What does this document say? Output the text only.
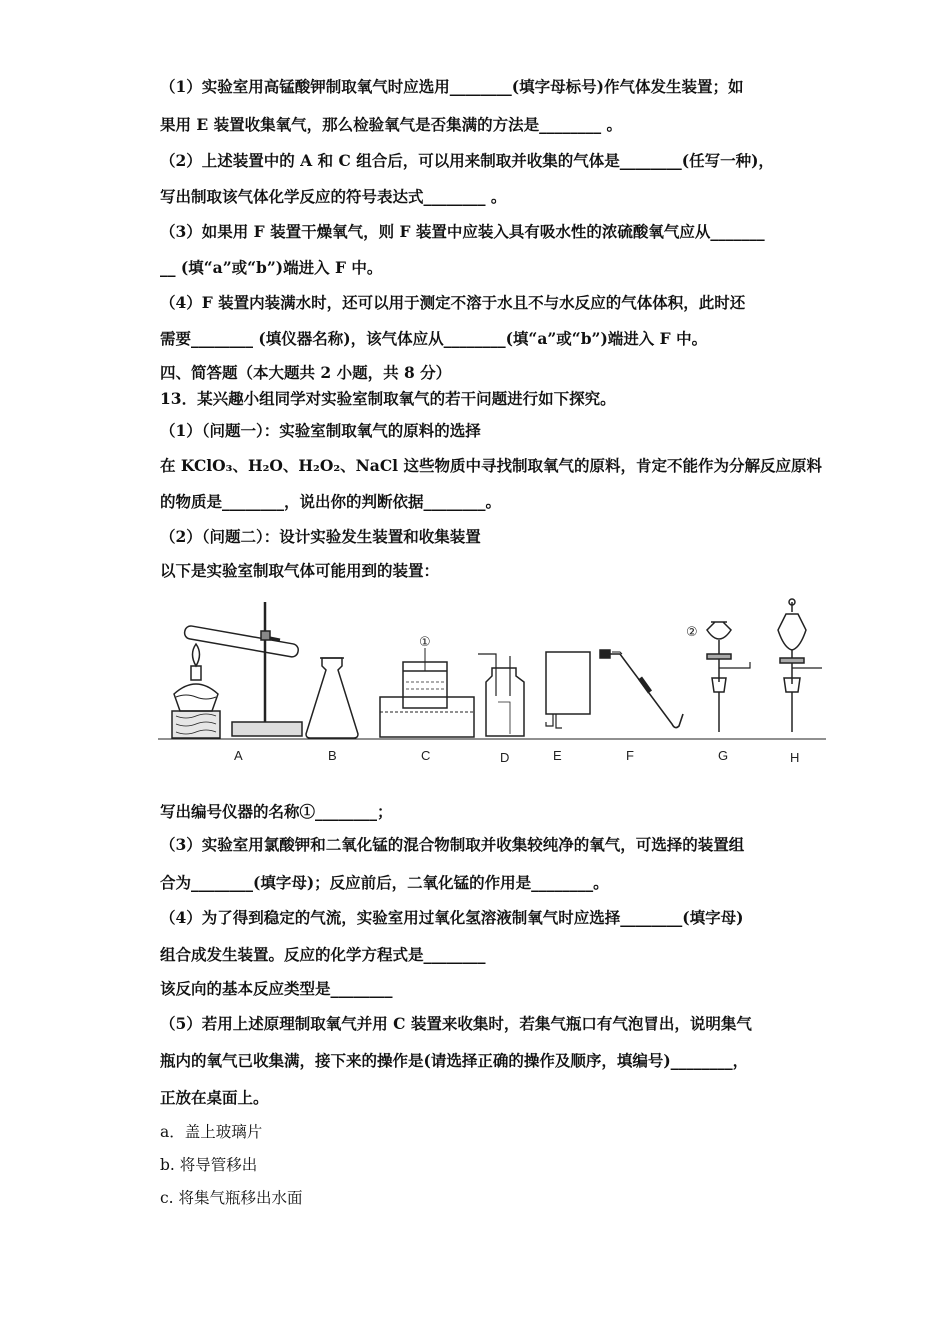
（1）实验室用高锰酸钾制取氧气时应选用________(填字母标号)作气体发生装置；如
果用 E 装置收集氧气，那么检验氧气是否集满的方法是________ 。
（2）上述装置中的 A 和 C 组合后，可以用来制取并收集的气体是________(任写一种)，
写出制取该气体化学反应的符号表达式________ 。
（3）如果用 F 装置干燥氧气，则 F 装置中应装入具有吸水性的浓硫酸氧气应从_______
__ (填“a”或“b”)端进入 F 中。
（4）F 装置内装满水时，还可以用于测定不溶于水且不与水反应的气体体积，此时还
需要________ (填仪器名称)，该气体应从________(填“a”或“b”)端进入 F 中。
四、简答题（本大题共 2 小题，共 8 分）
13．某兴趣小组同学对实验室制取氧气的若干问题进行如下探究。
（1）（问题一）：实验室制取氧气的原料的选择
在 KClO₃、H₂O、H₂O₂、NaCl 这些物质中寻找制取氧气的原料，肯定不能作为分解反应原料
的物质是________，说出你的判断依据________。
（2）（问题二）：设计实验发生装置和收集装置
以下是实验室制取气体可能用到的装置：
写出编号仪器的名称①________；
（3）实验室用氯酸钾和二氧化锰的混合物制取并收集较纯净的氧气，可选择的装置组
合为________(填字母)；反应前后，二氧化锰的作用是________。
（4）为了得到稳定的气流，实验室用过氧化氢溶液制氧气时应选择________(填字母)
组合成发生装置。反应的化学方程式是________
该反向的基本反应类型是________
（5）若用上述原理制取氧气并用 C 装置来收集时，若集气瓶口有气泡冒出，说明集气
瓶内的氧气已收集满，接下来的操作是(请选择正确的操作及顺序，填编号)________，
正放在桌面上。
a．盖上玻璃片
b. 将导管移出
c. 将集气瓶移出水面
①
②
A	B	C	D	E	F	G	H
